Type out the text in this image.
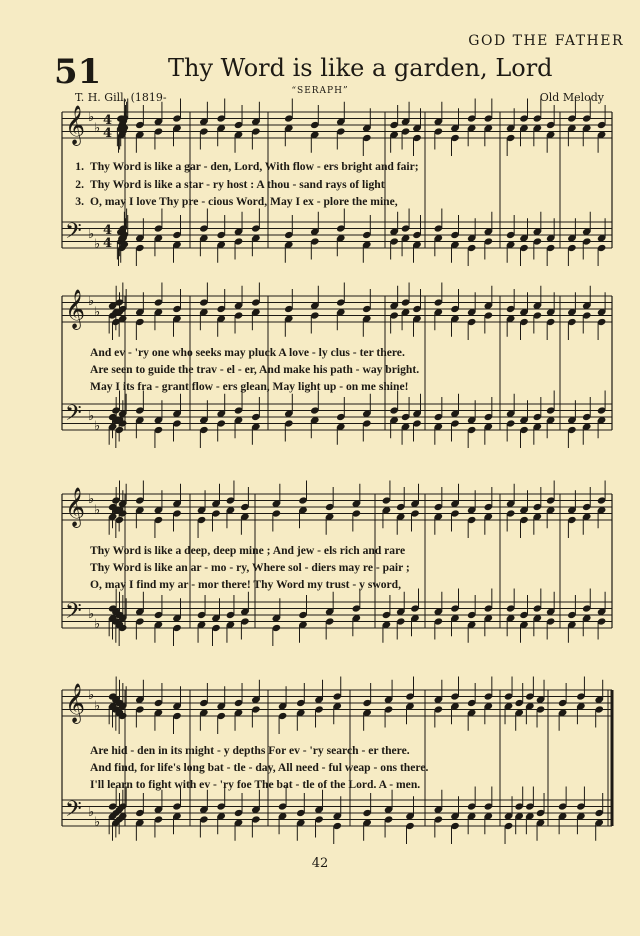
GOD THE FATHER
51	Thy Word is like a garden, Lord
“SERAPH”
T. H. Gill, (1819-	Old Melody
𝄞 ♭
♭
4
4
𝄢 ♭
♭
4
4
𝄞 ♭
♭
𝄢 ♭
♭
𝄞 ♭
♭
𝄢 ♭
♭
𝄞 ♭
♭
𝄢 ♭
♭
1. Thy Word is like a gar - den, Lord, With flow - ers bright and fair;
2. Thy Word is like a star - ry host : A thou - sand rays of light
3. O, may I love Thy pre - cious Word, May I ex - plore the mine,
And ev - 'ry one who seeks may pluck A love - ly clus - ter there.
Are seen to guide the trav - el - er, And make his path - way bright.
May I its fra - grant flow - ers glean, May light up - on me shine!
Thy Word is like a deep, deep mine ; And jew - els rich and rare
Thy Word is like an ar - mo - ry, Where sol - diers may re - pair ;
O, may I find my ar - mor there! Thy Word my trust - y sword,
Are hid - den in its might - y depths For ev - 'ry search - er there.
And find, for life's long bat - tle - day, All need - ful weap - ons there.
I'll learn to fight with ev - 'ry foe The bat - tle of the Lord. A - men.
42
